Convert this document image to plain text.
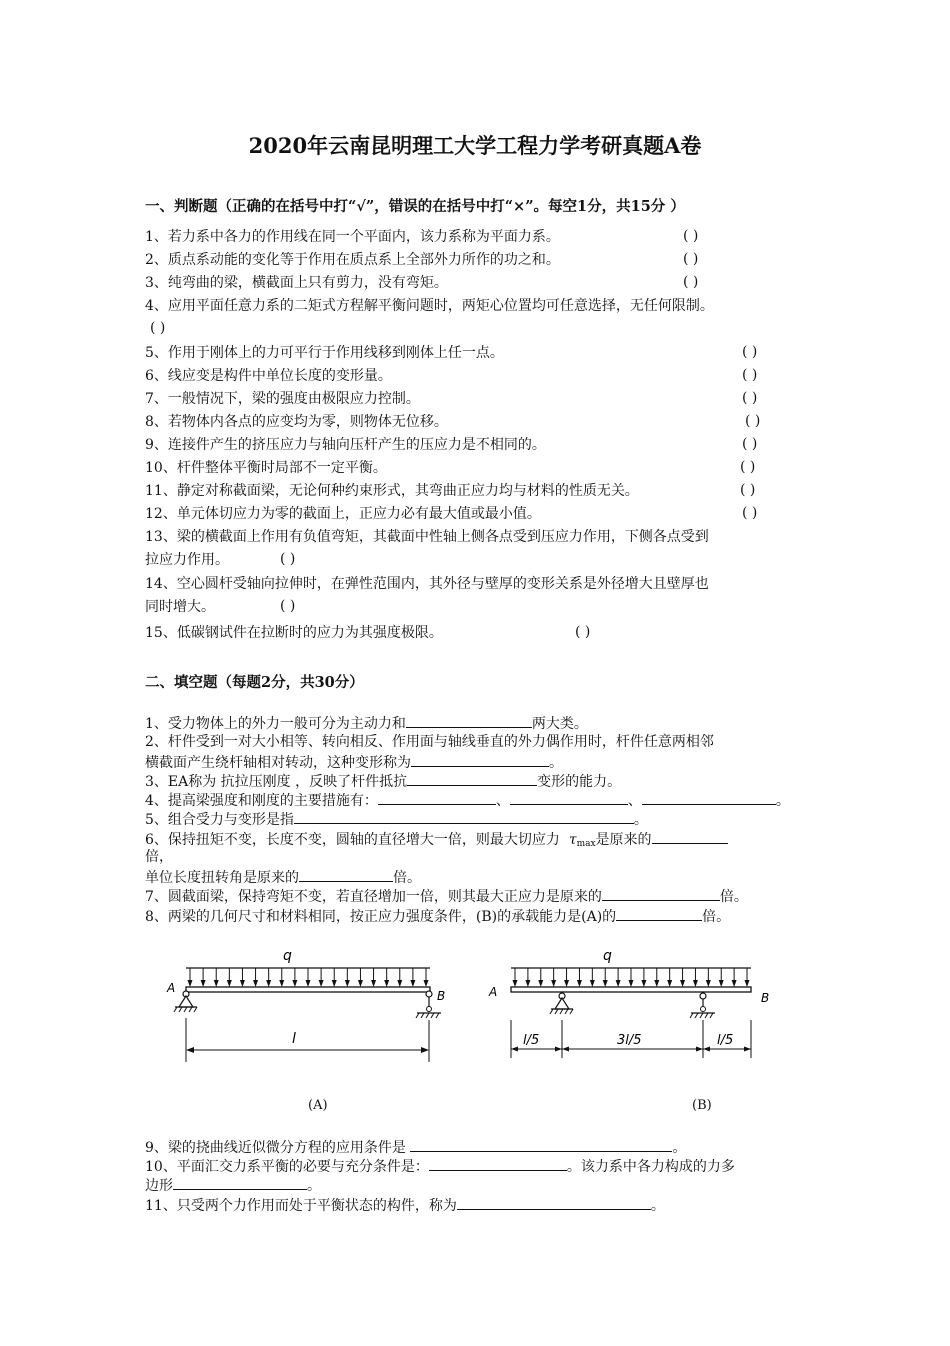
2020年云南昆明理工大学工程力学考研真题A卷
一、判断题（正确的在括号中打“√”，错误的在括号中打“×”。每空1分，共15分 ）
1、若力系中各力的作用线在同一个平面内，该力系称为平面力系。	( )
2、质点系动能的变化等于作用在质点系上全部外力所作的功之和。	( )
3、纯弯曲的梁，横截面上只有剪力，没有弯矩。	( )
4、应用平面任意力系的二矩式方程解平衡问题时，两矩心位置均可任意选择，无任何限制。
( )
5、作用于刚体上的力可平行于作用线移到刚体上任一点。	( )
6、线应变是构件中单位长度的变形量。	( )
7、一般情况下，梁的强度由极限应力控制。	( )
8、若物体内各点的应变均为零，则物体无位移。	( )
9、连接件产生的挤压应力与轴向压杆产生的压应力是不相同的。	( )
10、杆件整体平衡时局部不一定平衡。	( )
11、静定对称截面梁，无论何种约束形式，其弯曲正应力均与材料的性质无关。	( )
12、单元体切应力为零的截面上，正应力必有最大值或最小值。	( )
13、梁的横截面上作用有负值弯矩，其截面中性轴上侧各点受到压应力作用，下侧各点受到
拉应力作用。	( )
14、空心圆杆受轴向拉伸时，在弹性范围内，其外径与壁厚的变形关系是外径增大且壁厚也
同时增大。	( )
15、低碳钢试件在拉断时的应力为其强度极限。	( )
二、填空题（每题2分，共30分）
1、受力物体上的外力一般可分为主动力和	两大类。
2、杆件受到一对大小相等、转向相反、作用面与轴线垂直的外力偶作用时，杆件任意两相邻
横截面产生绕杆轴相对转动，这种变形称为	。
3、EA称为 抗拉压刚度 ，反映了杆件抵抗	变形的能力。
4、提高梁强度和刚度的主要措施有：	、	、	。
5、组合受力与变形是指	。
6、保持扭矩不变，长度不变，圆轴的直径增大一倍，则最大切应力 $\tau_{max}$是原来的
倍，
单位长度扭转角是原来的	倍。
7、圆截面梁，保持弯矩不变，若直径增加一倍，则其最大正应力是原来的	倍。
8、两梁的几何尺寸和材料相同，按正应力强度条件，(B)的承载能力是(A)的	倍。
q
A
B
l
(A)
q
A	B
l/5	3l/5	l/5
(B)
9、梁的挠曲线近似微分方程的应用条件是	。
10、平面汇交力系平衡的必要与充分条件是：	。该力系中各力构成的力多
边形	。
11、只受两个力作用而处于平衡状态的构件，称为	。
